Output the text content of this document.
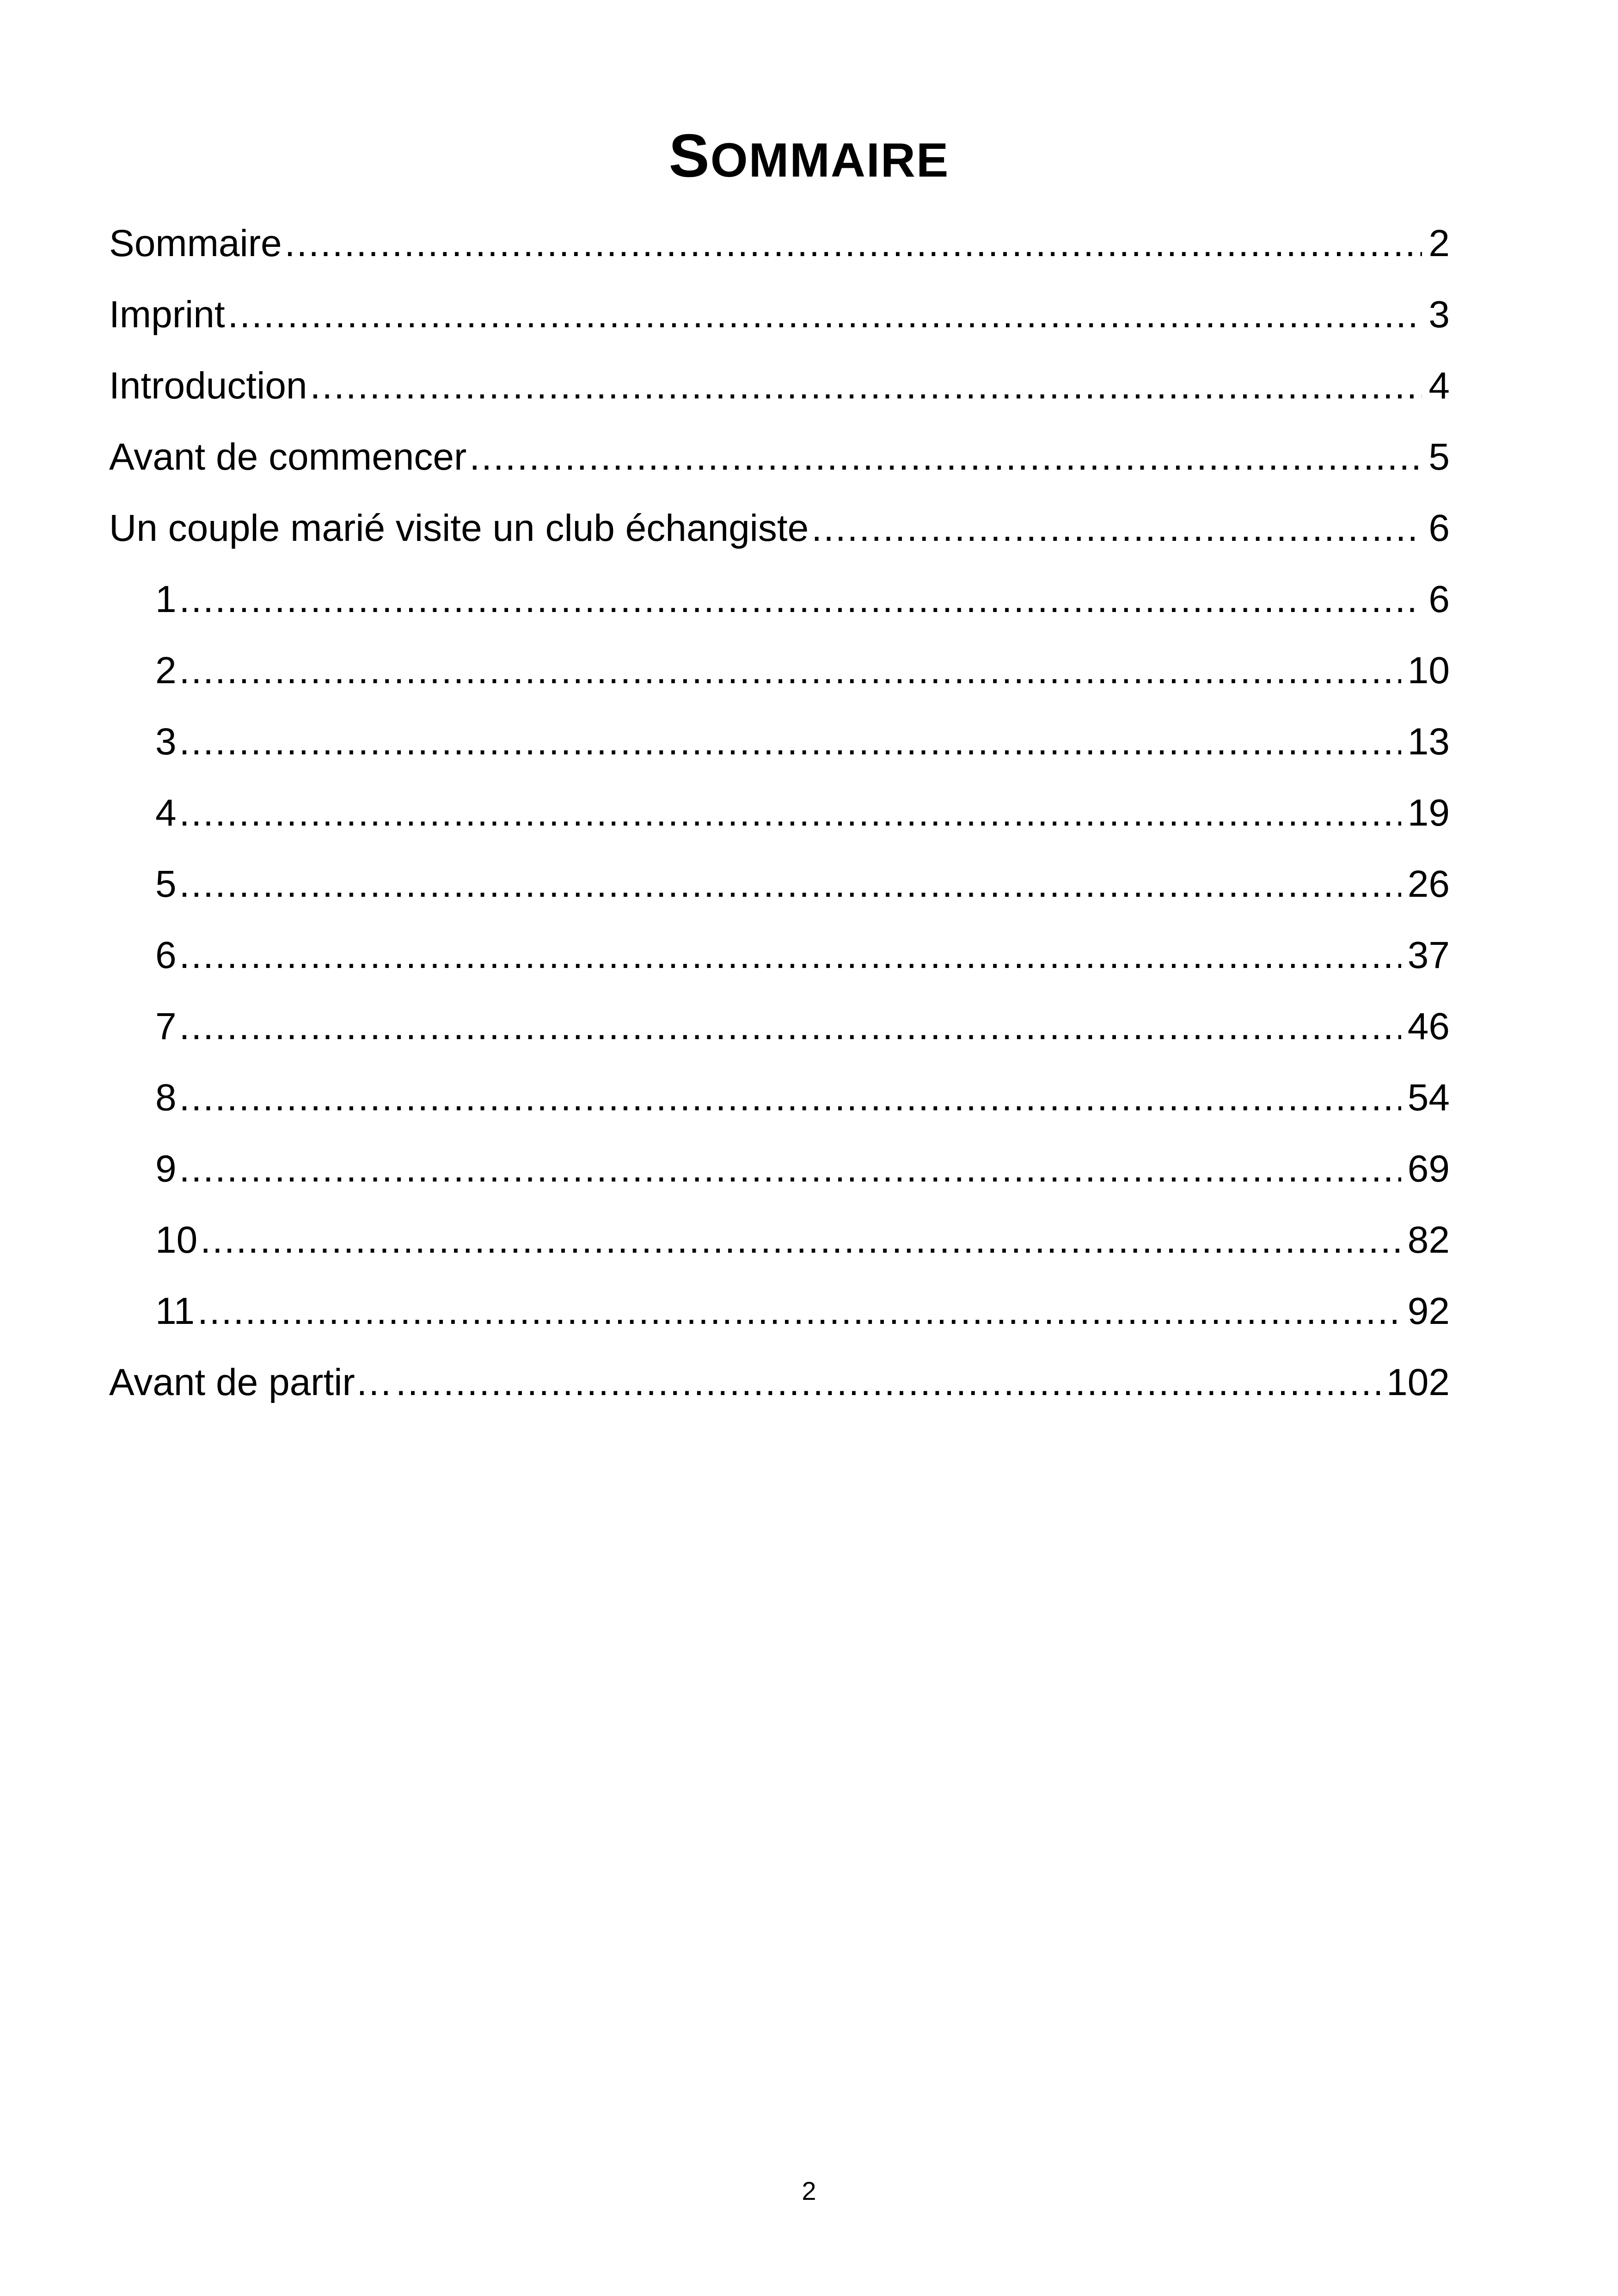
SOMMAIRE
Sommaire .....	2
Imprint .....	3
Introduction .....	4
Avant de commencer .....	5
Un couple marié visite un club échangiste .....	6
1 .....	6
2 .....	10
3 .....	13
4 .....	19
5 .....	26
6 .....	37
7 .....	46
8 .....	54
9 .....	69
10 .....	82
11 .....	92
Avant de partir… .....	102
2
